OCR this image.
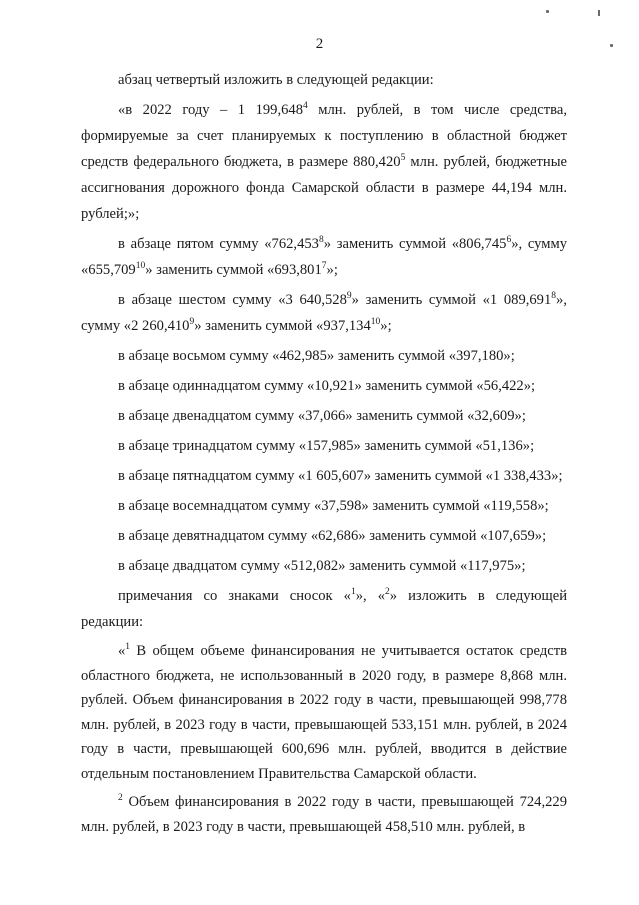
2

абзац четвертый изложить в следующей редакции:

«в 2022 году – 1 199,648$^4$ млн. рублей, в том числе средства, формируемые за счет планируемых к поступлению в областной бюджет средств федерального бюджета, в размере 880,420$^5$ млн. рублей, бюджетные ассигнования дорожного фонда Самарской области в размере 44,194 млн. рублей;»;

в абзаце пятом сумму «762,453$^8$» заменить суммой «806,745$^6$», сумму «655,709$^{10}$» заменить суммой «693,801$^7$»;

в абзаце шестом сумму «3 640,528$^9$» заменить суммой «1 089,691$^8$», сумму «2 260,410$^9$» заменить суммой «937,134$^{10}$»;

в абзаце восьмом сумму «462,985» заменить суммой «397,180»;

в абзаце одиннадцатом сумму «10,921» заменить суммой «56,422»;

в абзаце двенадцатом сумму «37,066» заменить суммой «32,609»;

в абзаце тринадцатом сумму «157,985» заменить суммой «51,136»;

в абзаце пятнадцатом сумму «1 605,607» заменить суммой «1 338,433»;

в абзаце восемнадцатом сумму «37,598» заменить суммой «119,558»;

в абзаце девятнадцатом сумму «62,686» заменить суммой «107,659»;

в абзаце двадцатом сумму «512,082» заменить суммой «117,975»;

примечания со знаками сносок «$^1$», «$^2$» изложить в следующей редакции:

«$^1$ В общем объеме финансирования не учитывается остаток средств областного бюджета, не использованный в 2020 году, в размере 8,868 млн. рублей. Объем финансирования в 2022 году в части, превышающей 998,778 млн. рублей, в 2023 году в части, превышающей 533,151 млн. рублей, в 2024 году в части, превышающей 600,696 млн. рублей, вводится в действие отдельным постановлением Правительства Самарской области.

$^2$ Объем финансирования в 2022 году в части, превышающей 724,229 млн. рублей, в 2023 году в части, превышающей 458,510 млн. рублей, в
